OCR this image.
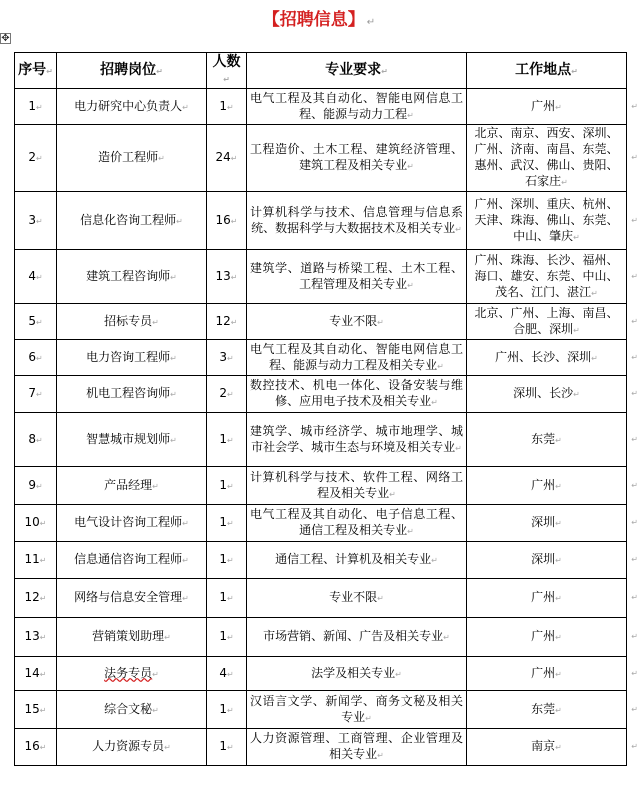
【招聘信息】 ↵
✥
序号↵	招聘岗位↵	人数↵	专业要求↵	工作地点↵
1↵	电力研究中心负责人↵	1↵	电气工程及其自动化、智能电网信息工程、能源与动力工程↵	广州↵ ↵

2↵	造价工程师↵	24↵	工程造价、土木工程、建筑经济管理、建筑工程及相关专业↵	北京、南京、西安、深圳、广州、济南、南昌、东莞、惠州、武汉、佛山、贵阳、石家庄↵
↵

3↵	信息化咨询工程师↵	16↵	计算机科学与技术、信息管理与信息系统、数据科学与大数据技术及相关专业↵	广州、深圳、重庆、杭州、天津、珠海、佛山、东莞、中山、肇庆↵
↵

4↵	建筑工程咨询师↵	13↵	建筑学、道路与桥梁工程、土木工程、工程管理及相关专业↵	广州、珠海、长沙、福州、海口、雄安、东莞、中山、茂名、江门、湛江↵
↵

5↵	招标专员↵	12↵	专业不限↵	北京、广州、上海、南昌、合肥、深圳↵
↵

6↵	电力咨询工程师↵	3↵	电气工程及其自动化、智能电网信息工程、能源与动力工程及相关专业↵	广州、长沙、深圳↵ ↵

7↵	机电工程咨询师↵	2↵	数控技术、机电一体化、设备安装与维修、应用电子技术及相关专业↵	深圳、长沙↵ ↵

8↵	智慧城市规划师↵	1↵	建筑学、城市经济学、城市地理学、城市社会学、城市生态与环境及相关专业↵	东莞↵ ↵

9↵	产品经理↵	1↵	计算机科学与技术、软件工程、网络工程及相关专业↵	广州↵ ↵

10↵	电气设计咨询工程师↵	1↵	电气工程及其自动化、电子信息工程、通信工程及相关专业↵	深圳↵ ↵

11↵	信息通信咨询工程师↵	1↵	通信工程、计算机及相关专业↵	深圳↵ ↵

12↵	网络与信息安全管理↵	1↵	专业不限↵	广州↵ ↵

13↵	营销策划助理↵	1↵	市场营销、新闻、广告及相关专业↵	广州↵ ↵

14↵	法务专员↵	4↵	法学及相关专业↵	广州↵ ↵

15↵	综合文秘↵	1↵	汉语言文学、新闻学、商务文秘及相关专业↵	东莞↵ ↵

16↵	人力资源专员↵	1↵	人力资源管理、工商管理、企业管理及相关专业↵	南京↵ ↵
